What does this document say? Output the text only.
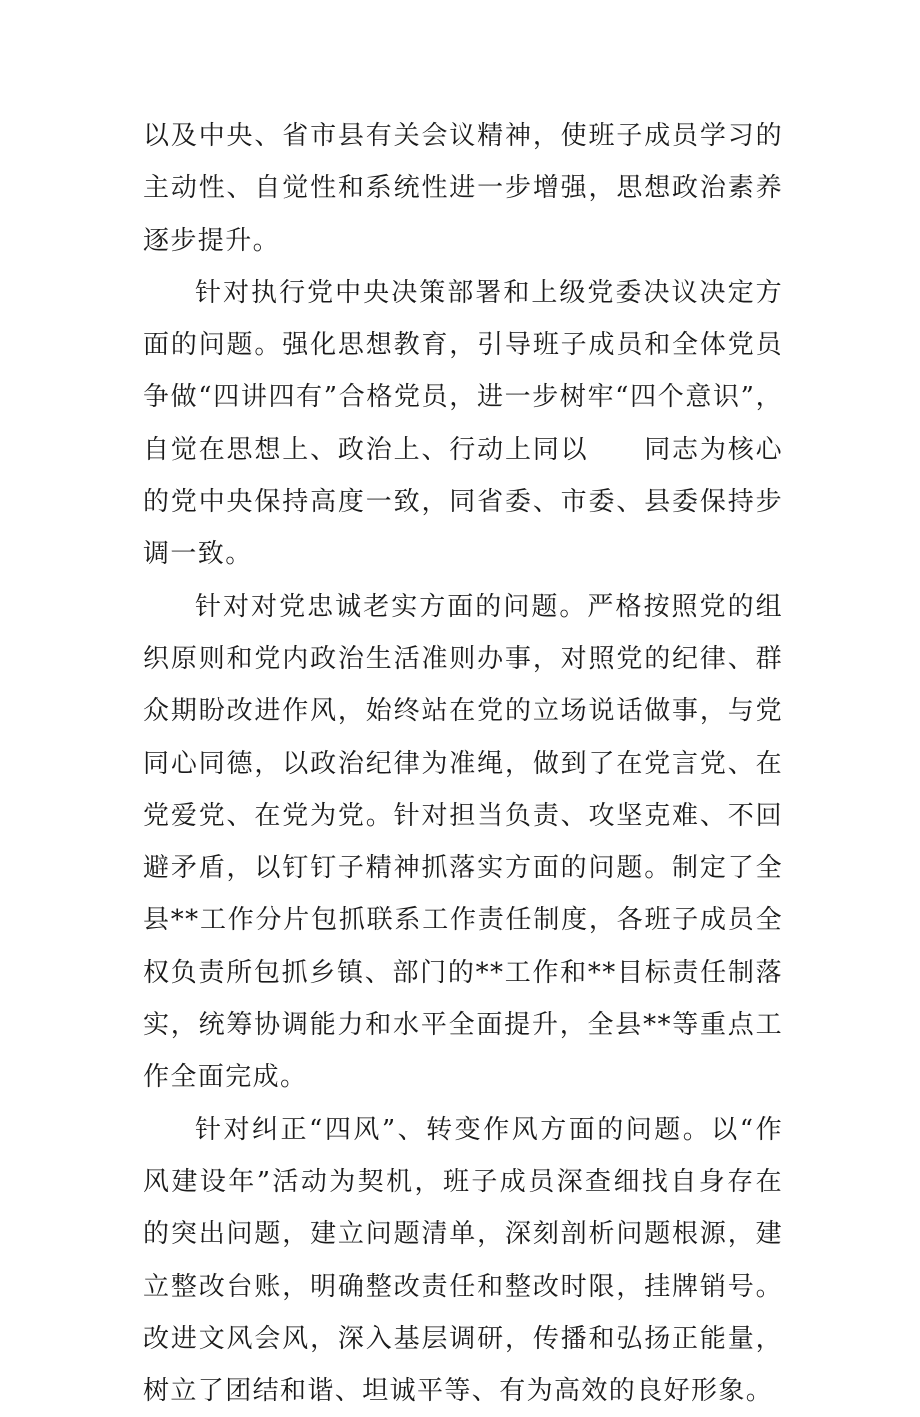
以及中央、省市县有关会议精神，使班子成员学习的主动性、自觉性和系统性进一步增强，思想政治素养逐步提升。

针对执行党中央决策部署和上级党委决议决定方面的问题。强化思想教育，引导班子成员和全体党员争做“四讲四有”合格党员，进一步树牢“四个意识”，自觉在思想上、政治上、行动上同以　　同志为核心的党中央保持高度一致，同省委、市委、县委保持步调一致。

针对对党忠诚老实方面的问题。严格按照党的组织原则和党内政治生活准则办事，对照党的纪律、群众期盼改进作风，始终站在党的立场说话做事，与党同心同德，以政治纪律为准绳，做到了在党言党、在党爱党、在党为党。针对担当负责、攻坚克难、不回避矛盾，以钉钉子精神抓落实方面的问题。制定了全县**工作分片包抓联系工作责任制度，各班子成员全权负责所包抓乡镇、部门的**工作和**目标责任制落实，统筹协调能力和水平全面提升，全县**等重点工作全面完成。

针对纠正“四风”、转变作风方面的问题。以“作风建设年”活动为契机，班子成员深查细找自身存在的突出问题，建立问题清单，深刻剖析问题根源，建立整改台账，明确整改责任和整改时限，挂牌销号。改进文风会风，深入基层调研，传播和弘扬正能量，树立了团结和谐、坦诚平等、有为高效的良好形象。
